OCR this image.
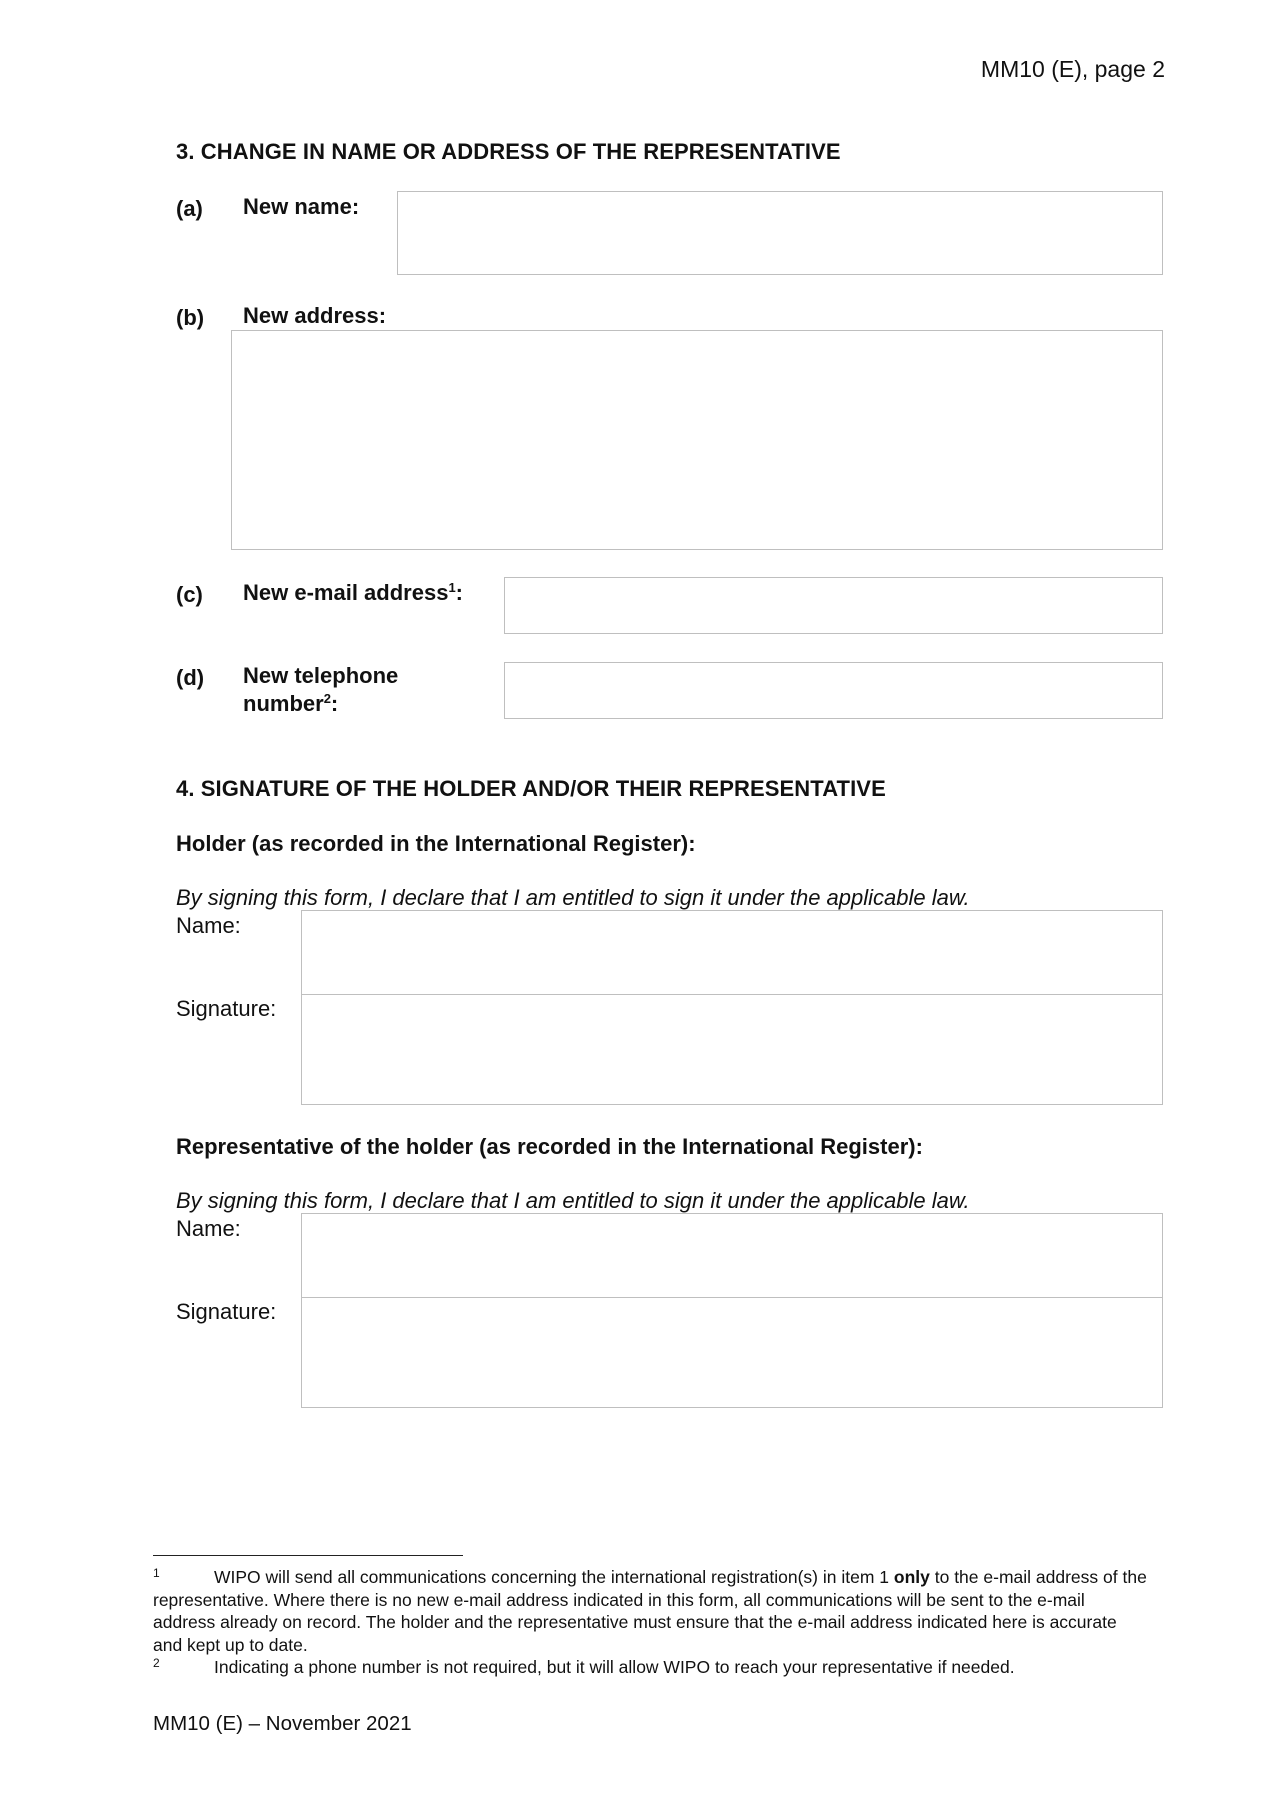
MM10 (E), page 2
3. CHANGE IN NAME OR ADDRESS OF THE REPRESENTATIVE
(a) New name:
(b) New address:
(c) New e-mail address$^1$:
(d) New telephone
number$^2$:
4. SIGNATURE OF THE HOLDER AND/OR THEIR REPRESENTATIVE
Holder (as recorded in the International Register):
By signing this form, I declare that I am entitled to sign it under the applicable law.
Name:
Signature:
Representative of the holder (as recorded in the International Register):
By signing this form, I declare that I am entitled to sign it under the applicable law.
Name:
Signature:
1	WIPO will send all communications concerning the international registration(s) in item 1 only to the e-mail address of the representative. Where there is no new e-mail address indicated in this form, all communications will be sent to the e-mail address already on record. The holder and the representative must ensure that the e-mail address indicated here is accurate and kept up to date.
2	Indicating a phone number is not required, but it will allow WIPO to reach your representative if needed.
MM10 (E) – November 2021
